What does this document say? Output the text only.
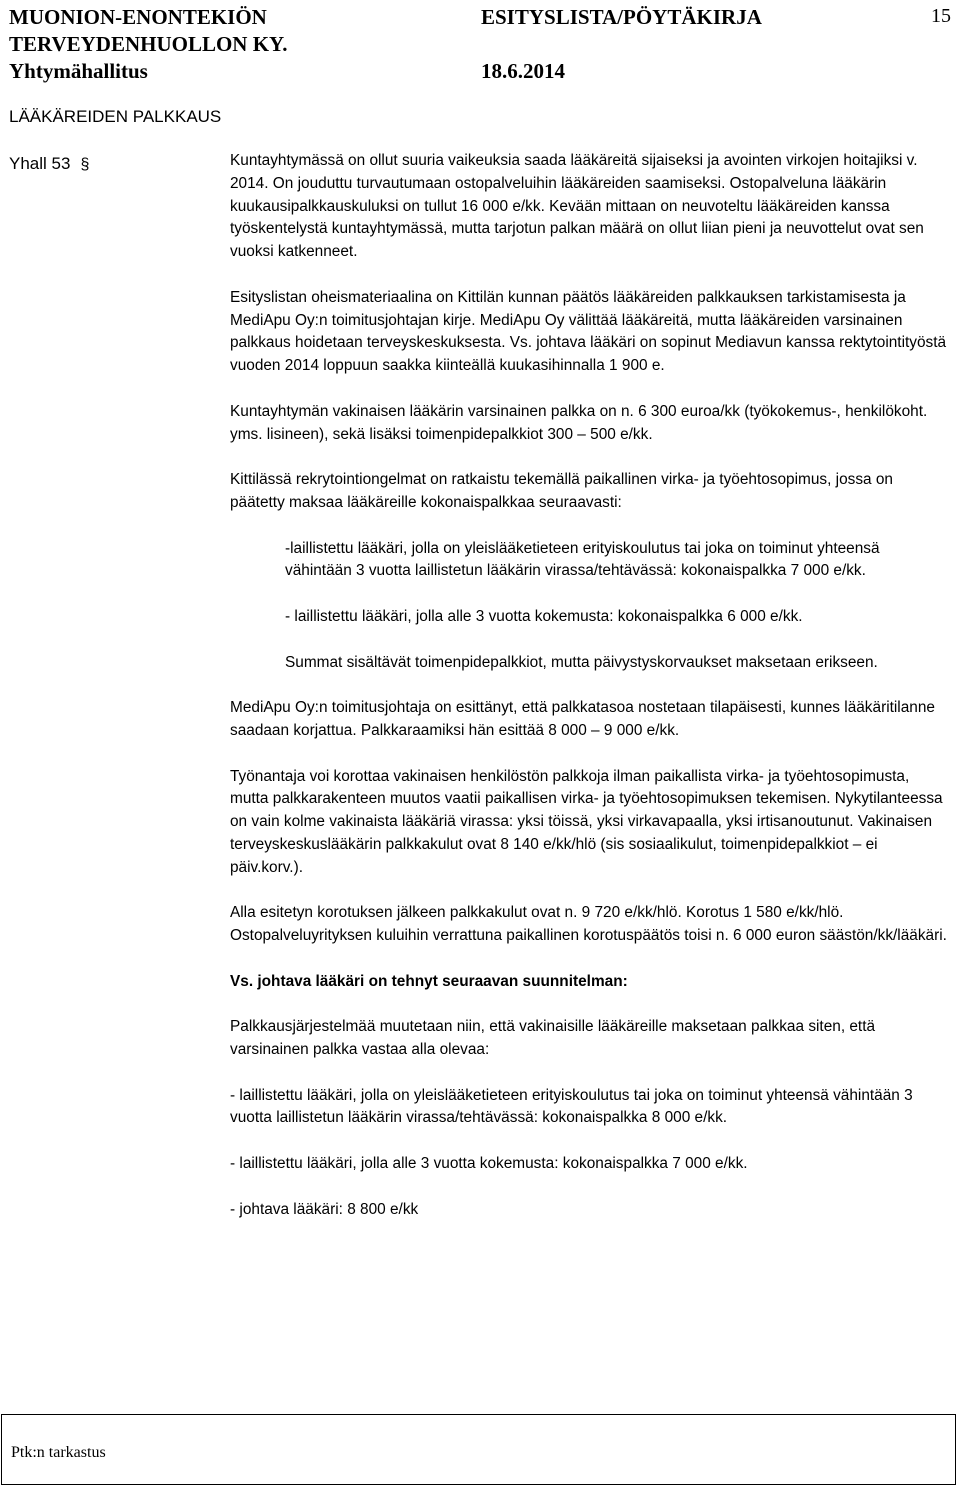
MUONION-ENONTEKIÖN
TERVEYDENHUOLLON KY.
Yhtymähallitus
ESITYSLISTA/PÖYTÄKIRJA
18.6.2014
15
LÄÄKÄREIDEN PALKKAUS
Yhall 53 §	Kuntayhtymässä on ollut suuria vaikeuksia saada lääkäreitä sijaiseksi ja avointen virkojen hoitajiksi v. 2014. On jouduttu turvautumaan ostopalveluihin lääkäreiden saamiseksi. Ostopalveluna lääkärin kuukausipalkkauskuluksi on tullut 16 000 e/kk. Kevään mittaan on neuvoteltu lääkäreiden kanssa työskentelystä kuntayhtymässä, mutta tarjotun palkan määrä on ollut liian pieni ja neuvottelut ovat sen vuoksi katkenneet.

Esityslistan oheismateriaalina on Kittilän kunnan päätös lääkäreiden palkkauksen tarkistamisesta ja MediApu Oy:n toimitusjohtajan kirje. MediApu Oy välittää lääkäreitä, mutta lääkäreiden varsinainen palkkaus hoidetaan terveyskeskuksesta. Vs. johtava lääkäri on sopinut Mediavun kanssa rektytointityöstä vuoden 2014 loppuun saakka kiinteällä kuukasihinnalla 1 900 e.

Kuntayhtymän vakinaisen lääkärin varsinainen palkka on n. 6 300 euroa/kk (työkokemus-, henkilökoht. yms. lisineen), sekä lisäksi toimenpidepalkkiot 300 – 500 e/kk.

Kittilässä rekrytointiongelmat on ratkaistu tekemällä paikallinen virka- ja työehtosopimus, jossa on päätetty maksaa lääkäreille kokonaispalkkaa seuraavasti:

-laillistettu lääkäri, jolla on yleislääketieteen erityiskoulutus tai joka on toiminut yhteensä vähintään 3 vuotta laillistetun lääkärin virassa/tehtävässä: kokonaispalkka 7 000 e/kk.

- laillistettu lääkäri, jolla alle 3 vuotta kokemusta: kokonaispalkka 6 000 e/kk.

Summat sisältävät toimenpidepalkkiot, mutta päivystyskorvaukset maksetaan erikseen.

MediApu Oy:n toimitusjohtaja on esittänyt, että palkkatasoa nostetaan tilapäisesti, kunnes lääkäritilanne saadaan korjattua. Palkkaraamiksi hän esittää 8 000 – 9 000 e/kk.

Työnantaja voi korottaa vakinaisen henkilöstön palkkoja ilman paikallista virka- ja työehtosopimusta, mutta palkkarakenteen muutos vaatii paikallisen virka- ja työehtosopimuksen tekemisen. Nykytilanteessa on vain kolme vakinaista lääkäriä virassa: yksi töissä, yksi virkavapaalla, yksi irtisanoutunut. Vakinaisen terveyskeskuslääkärin palkkakulut ovat 8 140 e/kk/hlö (sis sosiaalikulut, toimenpidepalkkiot – ei päiv.korv.).

Alla esitetyn korotuksen jälkeen palkkakulut ovat n. 9 720 e/kk/hlö. Korotus 1 580 e/kk/hlö. Ostopalveluyrityksen kuluihin verrattuna paikallinen korotuspäätös toisi n. 6 000 euron säästön/kk/lääkäri.

Vs. johtava lääkäri on tehnyt seuraavan suunnitelman:

Palkkausjärjestelmää muutetaan niin, että vakinaisille lääkäreille maksetaan palkkaa siten, että varsinainen palkka vastaa alla olevaa:

- laillistettu lääkäri, jolla on yleislääketieteen erityiskoulutus tai joka on toiminut yhteensä vähintään 3 vuotta laillistetun lääkärin virassa/tehtävässä: kokonaispalkka 8 000 e/kk.

- laillistettu lääkäri, jolla alle 3 vuotta kokemusta: kokonaispalkka 7 000 e/kk.

- johtava lääkäri: 8 800 e/kk

Ptk:n tarkastus
